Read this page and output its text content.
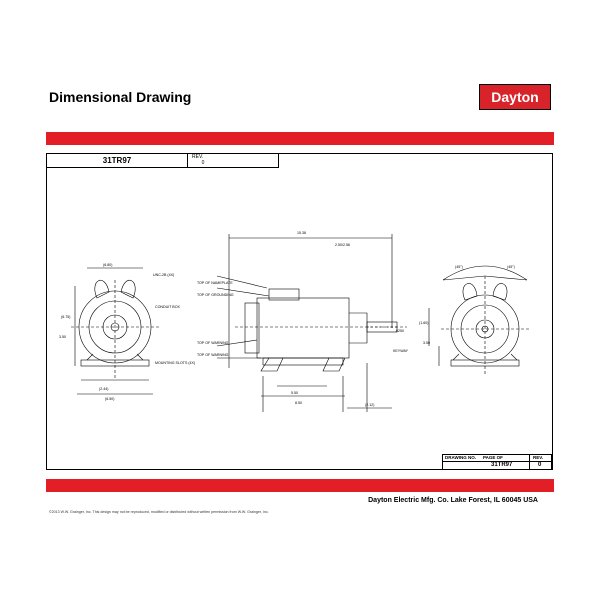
Dimensional Drawing	Dayton
31TR97	REV.
0
(6.80)
(6.75)
3.50
(2.44)
(6.50)
UNC-2B (4X)
CONDUIT BOX
MOUNTING SLOTS (4X)
15.38
2.50/2.56
TOP OF NAMEPLATE
TOP OF GROUNDING
TOP OF WARNING
TOP OF WARNING
5.50
8.50	(2.12)
.6250
KEYWAY
(45°)	(45°)
(1.60)
3.50
DRAWING NO. PAGE OF	REV.
31TR97	0
Dayton Electric Mfg. Co. Lake Forest, IL 60045 USA
©2013 W.W. Grainger, Inc. This design may not be reproduced, modified or distributed without written permission from W.W. Grainger, Inc.
